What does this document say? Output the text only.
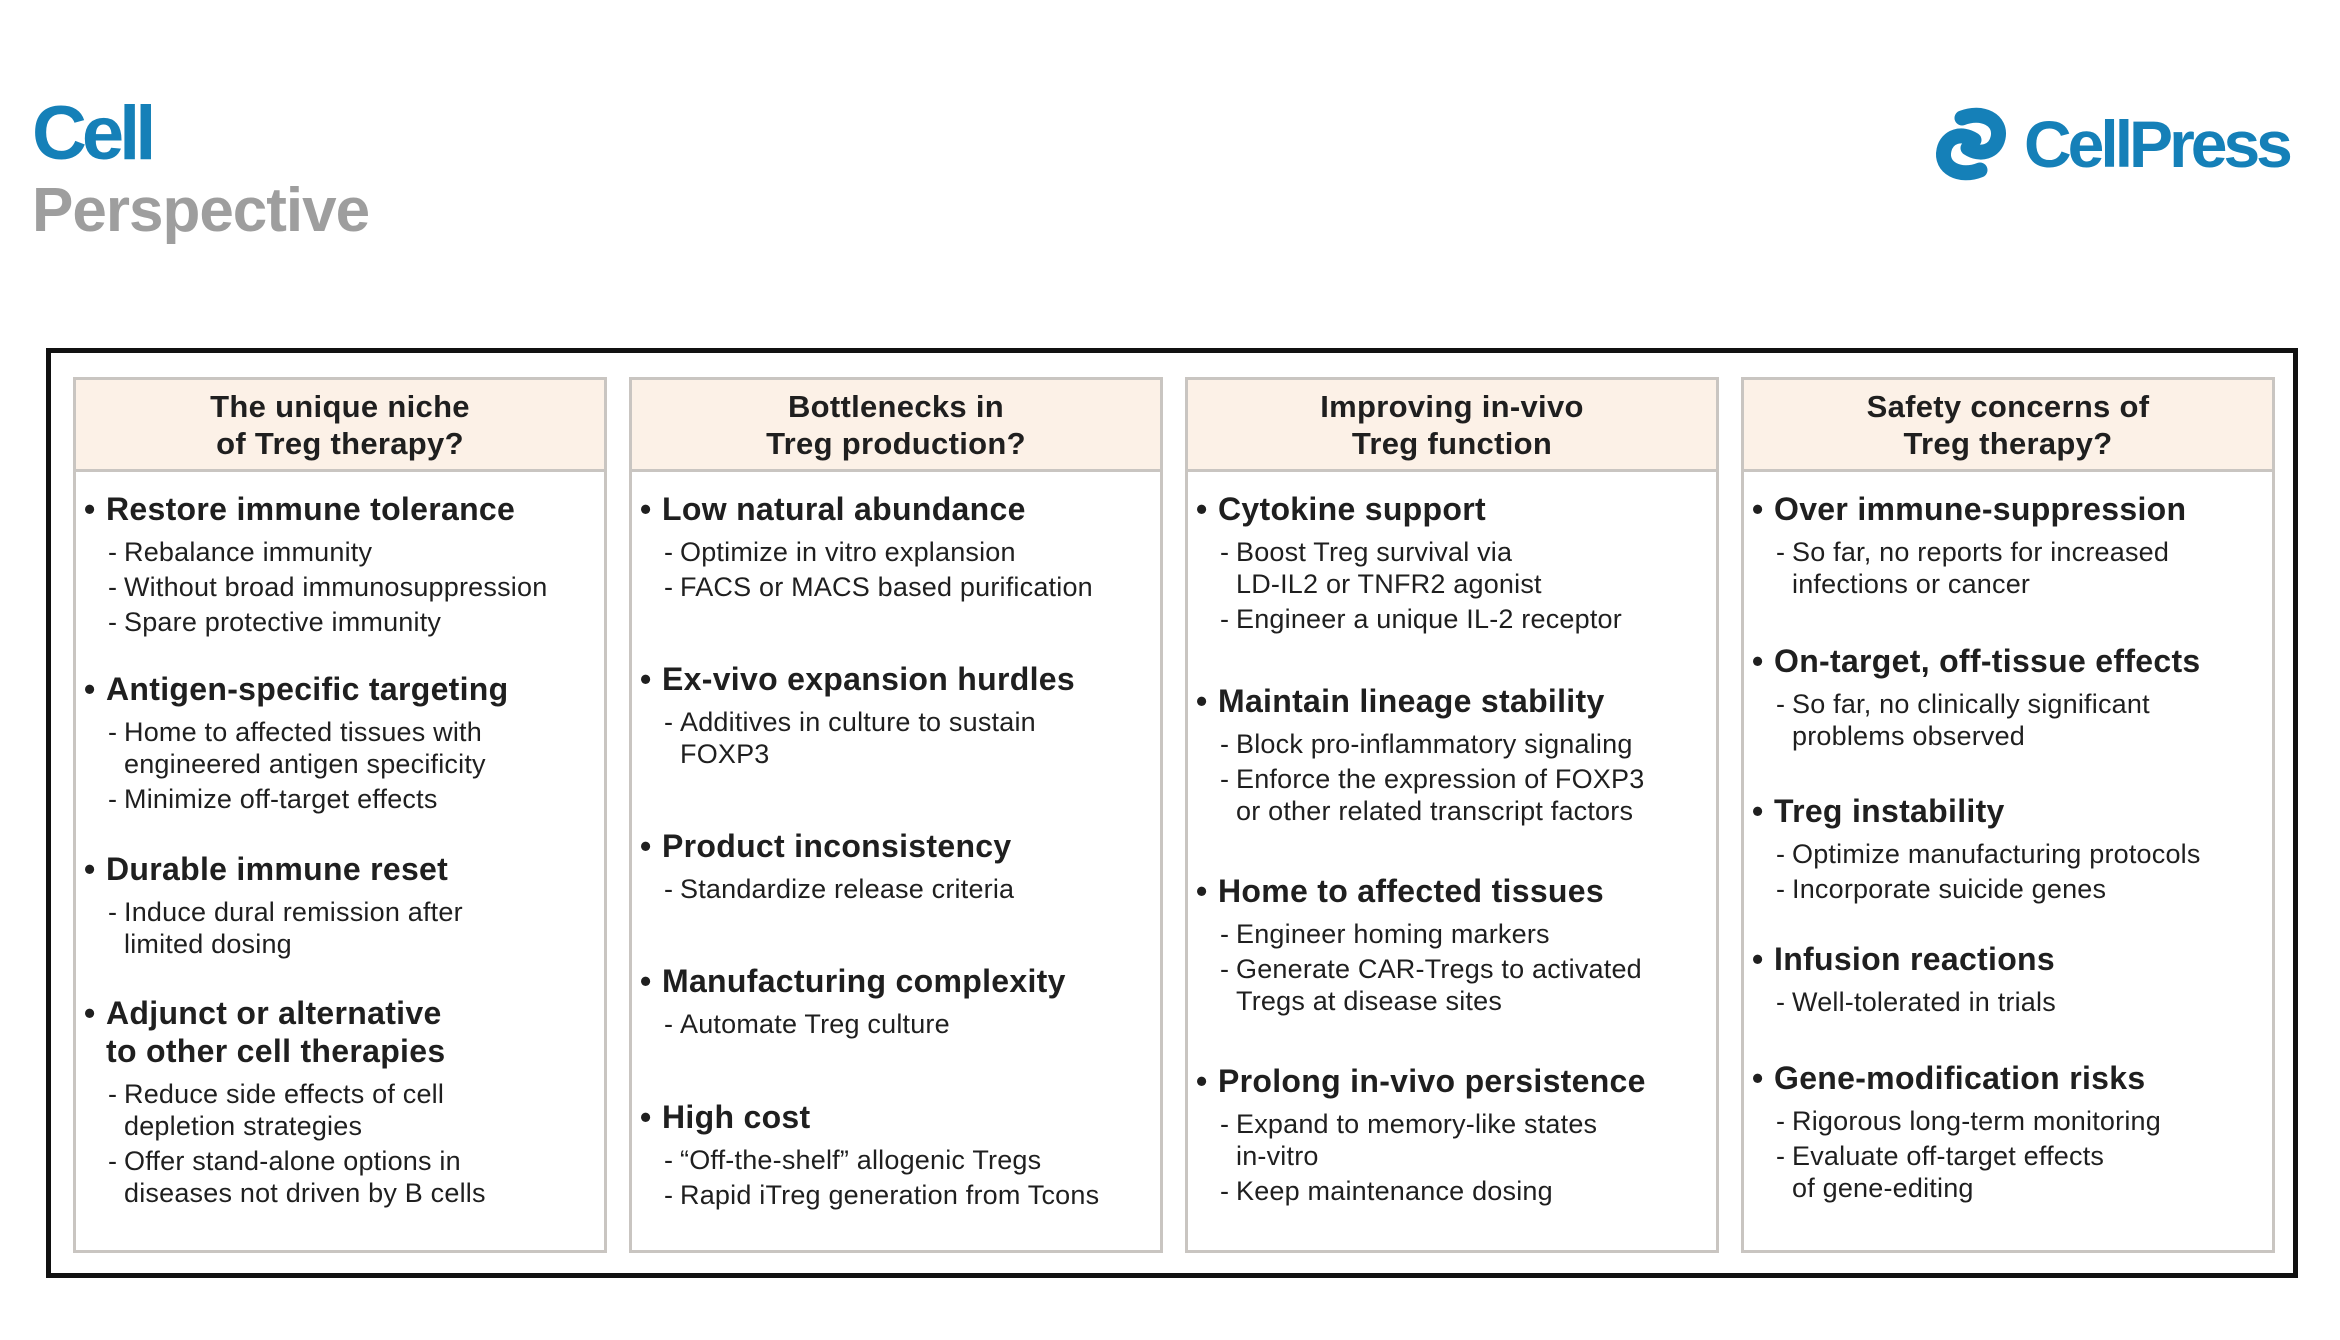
Cell
Perspective
CellPress
The unique niche
of Treg therapy?
• Restore immune tolerance
- Rebalance immunity
- Without broad immunosuppression
- Spare protective immunity
• Antigen-specific targeting
- Home to affected tissues with
engineered antigen specificity
- Minimize off-target effects
• Durable immune reset
- Induce dural remission after
limited dosing
• Adjunct or alternative
to other cell therapies
- Reduce side effects of cell
depletion strategies
- Offer stand-alone options in
diseases not driven by B cells
Bottlenecks in
Treg production?
• Low natural abundance
- Optimize in vitro explansion
- FACS or MACS based purification
• Ex-vivo expansion hurdles
- Additives in culture to sustain
FOXP3
• Product inconsistency
- Standardize release criteria
• Manufacturing complexity
- Automate Treg culture
• High cost
- “Off-the-shelf” allogenic Tregs
- Rapid iTreg generation from Tcons
Improving in-vivo
Treg function
• Cytokine support
- Boost Treg survival via
LD-IL2 or TNFR2 agonist
- Engineer a unique IL-2 receptor
• Maintain lineage stability
- Block pro-inflammatory signaling
- Enforce the expression of FOXP3
or other related transcript factors
• Home to affected tissues
- Engineer homing markers
- Generate CAR-Tregs to activated
Tregs at disease sites
• Prolong in-vivo persistence
- Expand to memory-like states
in-vitro
- Keep maintenance dosing
Safety concerns of
Treg therapy?
• Over immune-suppression
- So far, no reports for increased
infections or cancer
• On-target, off-tissue effects
- So far, no clinically significant
problems observed
• Treg instability
- Optimize manufacturing protocols
- Incorporate suicide genes
• Infusion reactions
- Well-tolerated in trials
• Gene-modification risks
- Rigorous long-term monitoring
- Evaluate off-target effects
of gene-editing
